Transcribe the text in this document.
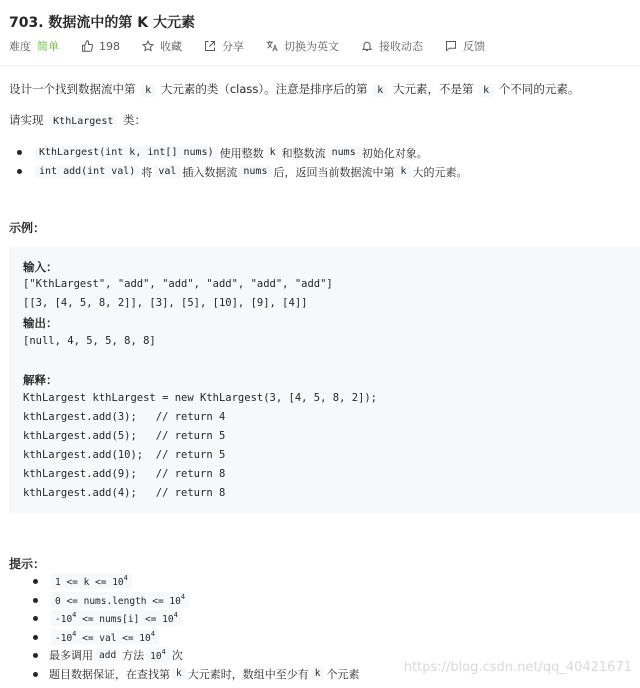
703. 数据流中的第 K 大元素
难度 简单	198	收藏	分享	切换为英文	接收动态	反馈
设计一个找到数据流中第 k 大元素的类（class）。注意是排序后的第 k 大元素，不是第 k 个不同的元素。
请实现 KthLargest 类：
KthLargest(int k, int[] nums) 使用整数 k 和整数流 nums 初始化对象。
int add(int val) 将 val 插入数据流 nums 后，返回当前数据流中第 k 大的元素。
示例：
输入：
["KthLargest", "add", "add", "add", "add", "add"]
[[3, [4, 5, 8, 2]], [3], [5], [10], [9], [4]]
输出：
[null, 4, 5, 5, 8, 8]
解释：
KthLargest kthLargest = new KthLargest(3, [4, 5, 8, 2]);
kthLargest.add(3);   // return 4
kthLargest.add(5);   // return 5
kthLargest.add(10);  // return 5
kthLargest.add(9);   // return 8
kthLargest.add(4);   // return 8
提示：
$1 <= k <= 10^4$
0 <= nums.length <= $10^4$
$-10^4$ <= nums[i] <= $10^4$
$-10^4$ <= val <= $10^4$
最多调用 add 方法 $10^4$ 次
题目数据保证，在查找第 k 大元素时，数组中至少有 k 个元素	https://blog.csdn.net/qq_40421671
